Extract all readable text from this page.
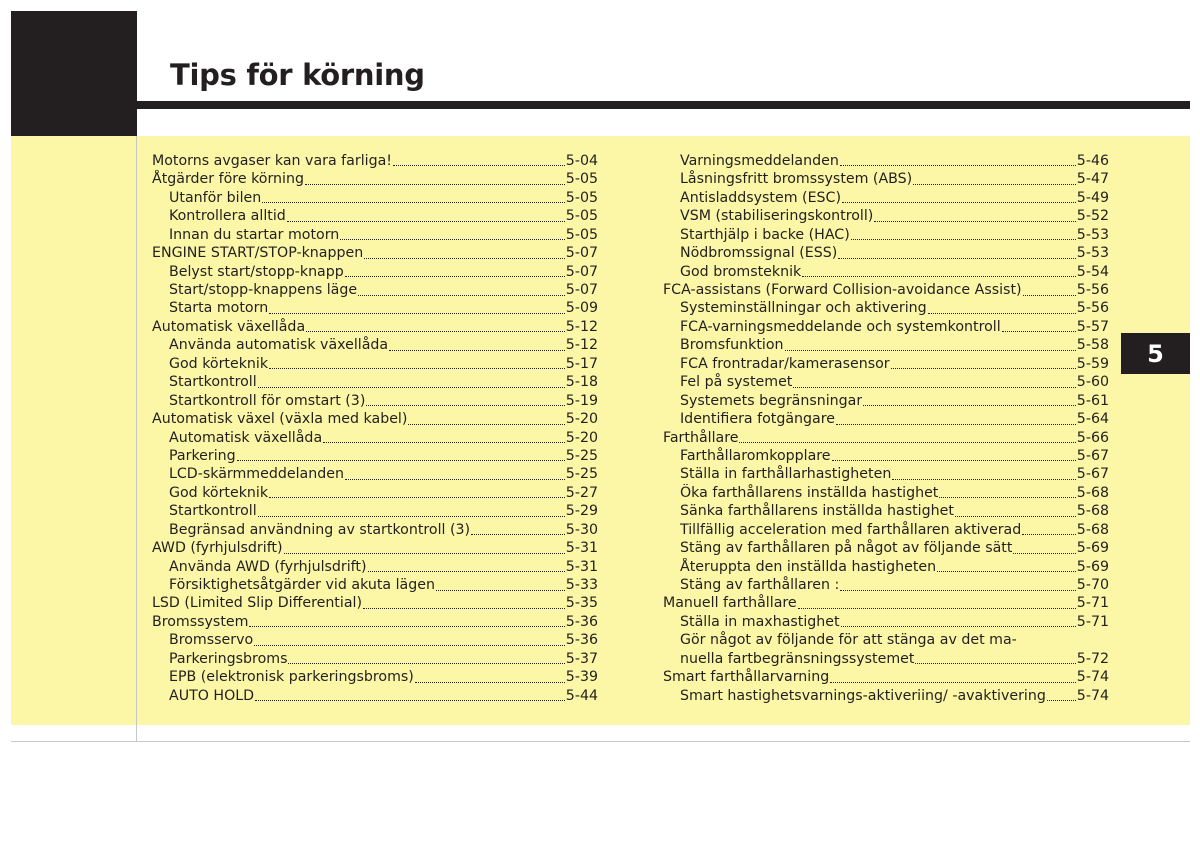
Tips för körning
Motorns avgaser kan vara farliga!	5-04
Åtgärder före körning	5-05
Utanför bilen	5-05
Kontrollera alltid	5-05
Innan du startar motorn	5-05
ENGINE START/STOP-knappen	5-07
Belyst start/stopp-knapp	5-07
Start/stopp-knappens läge	5-07
Starta motorn	5-09
Automatisk växellåda	5-12
Använda automatisk växellåda	5-12
God körteknik	5-17
Startkontroll	5-18
Startkontroll för omstart (3)	5-19
Automatisk växel (växla med kabel)	5-20
Automatisk växellåda	5-20
Parkering	5-25
LCD-skärmmeddelanden	5-25
God körteknik	5-27
Startkontroll	5-29
Begränsad användning av startkontroll (3)	5-30
AWD (fyrhjulsdrift)	5-31
Använda AWD (fyrhjulsdrift)	5-31
Försiktighetsåtgärder vid akuta lägen	5-33
LSD (Limited Slip Differential)	5-35
Bromssystem	5-36
Bromsservo	5-36
Parkeringsbroms	5-37
EPB (elektronisk parkeringsbroms)	5-39
AUTO HOLD	5-44
Varningsmeddelanden	5-46
Låsningsfritt bromssystem (ABS)	5-47
Antisladdsystem (ESC)	5-49
VSM (stabiliseringskontroll)	5-52
Starthjälp i backe (HAC)	5-53
Nödbromssignal (ESS)	5-53
God bromsteknik	5-54
FCA-assistans (Forward Collision-avoidance Assist)	5-56
Systeminställningar och aktivering	5-56
FCA-varningsmeddelande och systemkontroll	5-57
Bromsfunktion	5-58
FCA frontradar/kamerasensor	5-59
Fel på systemet	5-60
Systemets begränsningar	5-61
Identifiera fotgängare	5-64
Farthållare	5-66
Farthållaromkopplare	5-67
Ställa in farthållarhastigheten	5-67
Öka farthållarens inställda hastighet	5-68
Sänka farthållarens inställda hastighet	5-68
Tillfällig acceleration med farthållaren aktiverad	5-68
Stäng av farthållaren på något av följande sätt	5-69
Återuppta den inställda hastigheten	5-69
Stäng av farthållaren :	5-70
Manuell farthållare	5-71
Ställa in maxhastighet	5-71
Gör något av följande för att stänga av det ma-
nuella fartbegränsningssystemet	5-72
Smart farthållarvarning	5-74
Smart hastighetsvarnings-aktiveriing/ -avaktivering 5-74
5
